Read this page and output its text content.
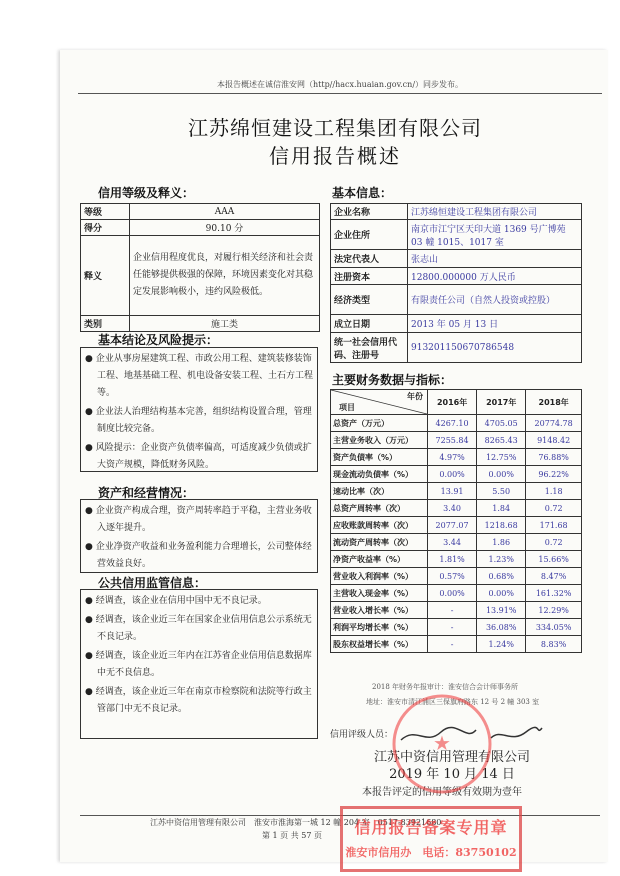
本报告概述在诚信淮安网（http//hacx.huaian.gov.cn/）同步发布。
江苏绵恒建设工程集团有限公司
信用报告概述
信用等级及释义：
等级	AAA
得分	90.10 分
释义	企业信用程度优良，对履行相关经济和社会责任能够提供极强的保障，环境因素变化对其稳定发展影响极小，违约风险极低。
类别	施工类
基本信息：
企业名称	江苏绵恒建设工程集团有限公司
企业住所	南京市江宁区天印大道 1369 号广博苑 03 幢 1015、1017 室
法定代表人	张志山
注册资本	12800.000000 万人民币
经济类型	有限责任公司（自然人投资或控股）
成立日期	2013 年 05 月 13 日
统一社会信用代码、注册号	913201150670786548
基本结论及风险提示：

● 企业从事房屋建筑工程、市政公用工程、建筑装修装饰工程、地基基础工程、机电设备安装工程、土石方工程等。

● 企业法人治理结构基本完善，组织结构设置合理，管理制度比较完备。

● 风险提示：企业资产负债率偏高，可适度减少负债或扩大资产规模，降低财务风险。

资产和经营情况：

● 企业资产构成合理，资产周转率趋于平稳，主营业务收入逐年提升。

● 企业净资产收益和业务盈利能力合理增长，公司整体经营效益良好。

公共信用监管信息：

● 经调查，该企业在信用中国中无不良记录。

● 经调查，该企业近三年在国家企业信用信息公示系统无不良记录。

● 经调查，该企业近三年内在江苏省企业信用信息数据库中无不良信息。

● 经调查，该企业近三年在南京市检察院和法院等行政主管部门中无不良记录。

主要财务数据与指标：
年份
项目	2016年	2017年	2018年
总资产（万元）	4267.10	4705.05	20774.78
主营业务收入（万元）	7255.84	8265.43	9148.42
资产负债率（%）	4.97%	12.75%	76.88%
现金流动负债率（%）	0.00%	0.00%	96.22%
速动比率（次）	13.91	5.50	1.18
总资产周转率（次）	3.40	1.84	0.72
应收账款周转率（次）	2077.07	1218.68	171.68
流动资产周转率（次）	3.44	1.86	0.72
净资产收益率（%）	1.81%	1.23%	15.66%
营业收入利润率（%）	0.57%	0.68%	8.47%
主营收入现金率（%）	0.00%	0.00%	161.32%
营业收入增长率（%）	-	13.91%	12.29%
利润平均增长率（%）	-	36.08%	334.05%
股东权益增长率（%）	-	1.24%	8.83%
2018 年财务年报审计：淮安信合会计师事务所
地址：淮安市清江浦区三保旗府路东 12 号 2 幢 303 室
信用评级人员：
江苏中资信用管理有限公司
2019 年 10 月 14 日
本报告评定的信用等级有效期为壹年
★
江苏中资信用管理有限公司　淮安市淮海第一城 12 幢 204 室　0517-83921680
第 1 页 共 57 页	信用报告备案专用章
淮安市信用办　电话：83750102
